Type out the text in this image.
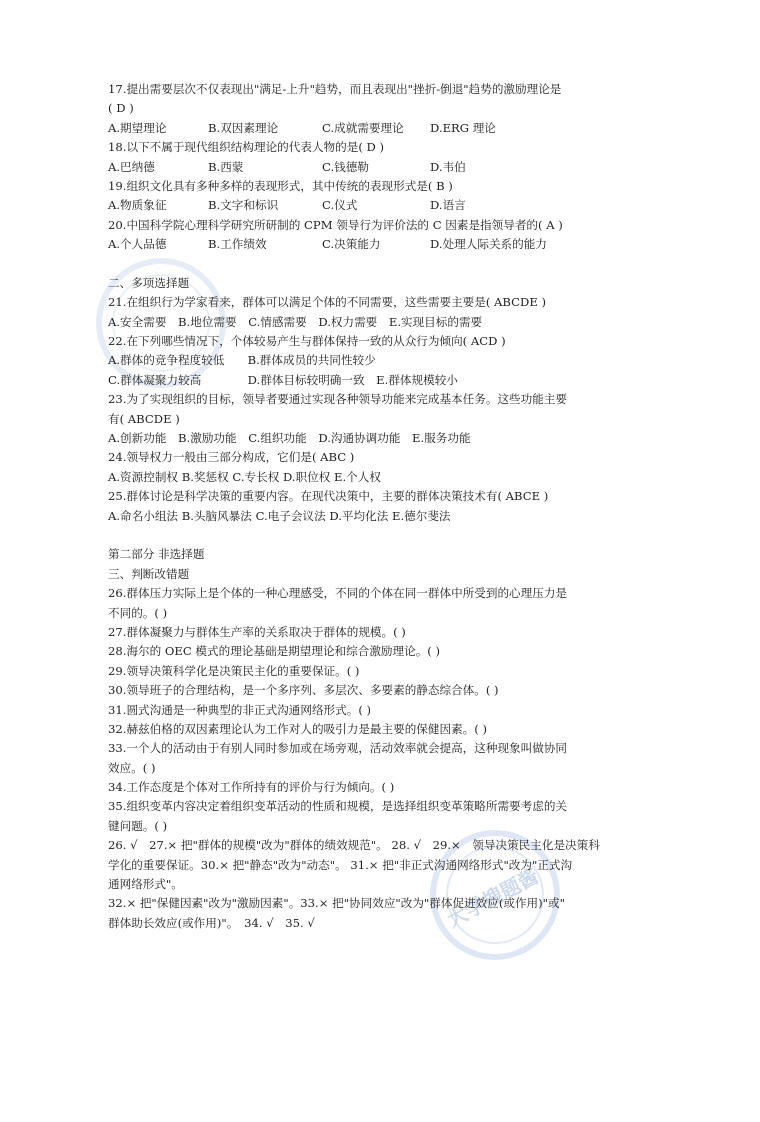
大学搜题酱
17.提出需要层次不仅表现出"满足-上升"趋势，而且表现出"挫折-倒退"趋势的激励理论是
( D )
A.期望理论	B.双因素理论	C.成就需要理论 D.ERG 理论
18.以下不属于现代组织结构理论的代表人物的是( D )
A.巴纳德	B.西蒙	C.钱德勒	D.韦伯
19.组织文化具有多种多样的表现形式，其中传统的表现形式是( B )
A.物质象征	B.文字和标识	C.仪式	D.语言
20.中国科学院心理科学研究所研制的 CPM 领导行为评价法的 C 因素是指领导者的( A )
A.个人品德	B.工作绩效	C.决策能力	D.处理人际关系的能力
二、多项选择题
21.在组织行为学家看来，群体可以满足个体的不同需要，这些需要主要是( ABCDE )
A.安全需要　B.地位需要　C.情感需要　D.权力需要　E.实现目标的需要
22.在下列哪些情况下，个体较易产生与群体保持一致的从众行为倾向( ACD )
A.群体的竞争程度较低　　B.群体成员的共同性较少
C.群体凝聚力较高　　　　D.群体目标较明确一致　E.群体规模较小
23.为了实现组织的目标，领导者要通过实现各种领导功能来完成基本任务。这些功能主要
有( ABCDE )
A.创新功能　B.激励功能　C.组织功能　D.沟通协调功能　E.服务功能
24.领导权力一般由三部分构成，它们是( ABC )
A.资源控制权 B.奖惩权 C.专长权 D.职位权 E.个人权
25.群体讨论是科学决策的重要内容。在现代决策中，主要的群体决策技术有( ABCE )
A.命名小组法 B.头脑风暴法 C.电子会议法 D.平均化法 E.德尔斐法
第二部分 非选择题
三、判断改错题
26.群体压力实际上是个体的一种心理感受，不同的个体在同一群体中所受到的心理压力是
不同的。( )
27.群体凝聚力与群体生产率的关系取决于群体的规模。( )
28.海尔的 OEC 模式的理论基础是期望理论和综合激励理论。( )
29.领导决策科学化是决策民主化的重要保证。( )
30.领导班子的合理结构，是一个多序列、多层次、多要素的静态综合体。( )
31.圆式沟通是一种典型的非正式沟通网络形式。( )
32.赫兹伯格的双因素理论认为工作对人的吸引力是最主要的保健因素。( )
33.一个人的活动由于有别人同时参加或在场旁观，活动效率就会提高，这种现象叫做协同
效应。( )
34.工作态度是个体对工作所持有的评价与行为倾向。( )
35.组织变革内容决定着组织变革活动的性质和规模，是选择组织变革策略所需要考虑的关
键问题。( )
26. √　27.× 把"群体的规模"改为"群体的绩效规范"。 28. √　29.×　领导决策民主化是决策科
学化的重要保证。30.× 把"静态"改为"动态"。 31.× 把"非正式沟通网络形式"改为"正式沟
通网络形式"。
32.× 把"保健因素"改为"激励因素"。33.× 把"协同效应"改为"群体促进效应(或作用)"或"
群体助长效应(或作用)"。　34. √　35. √
